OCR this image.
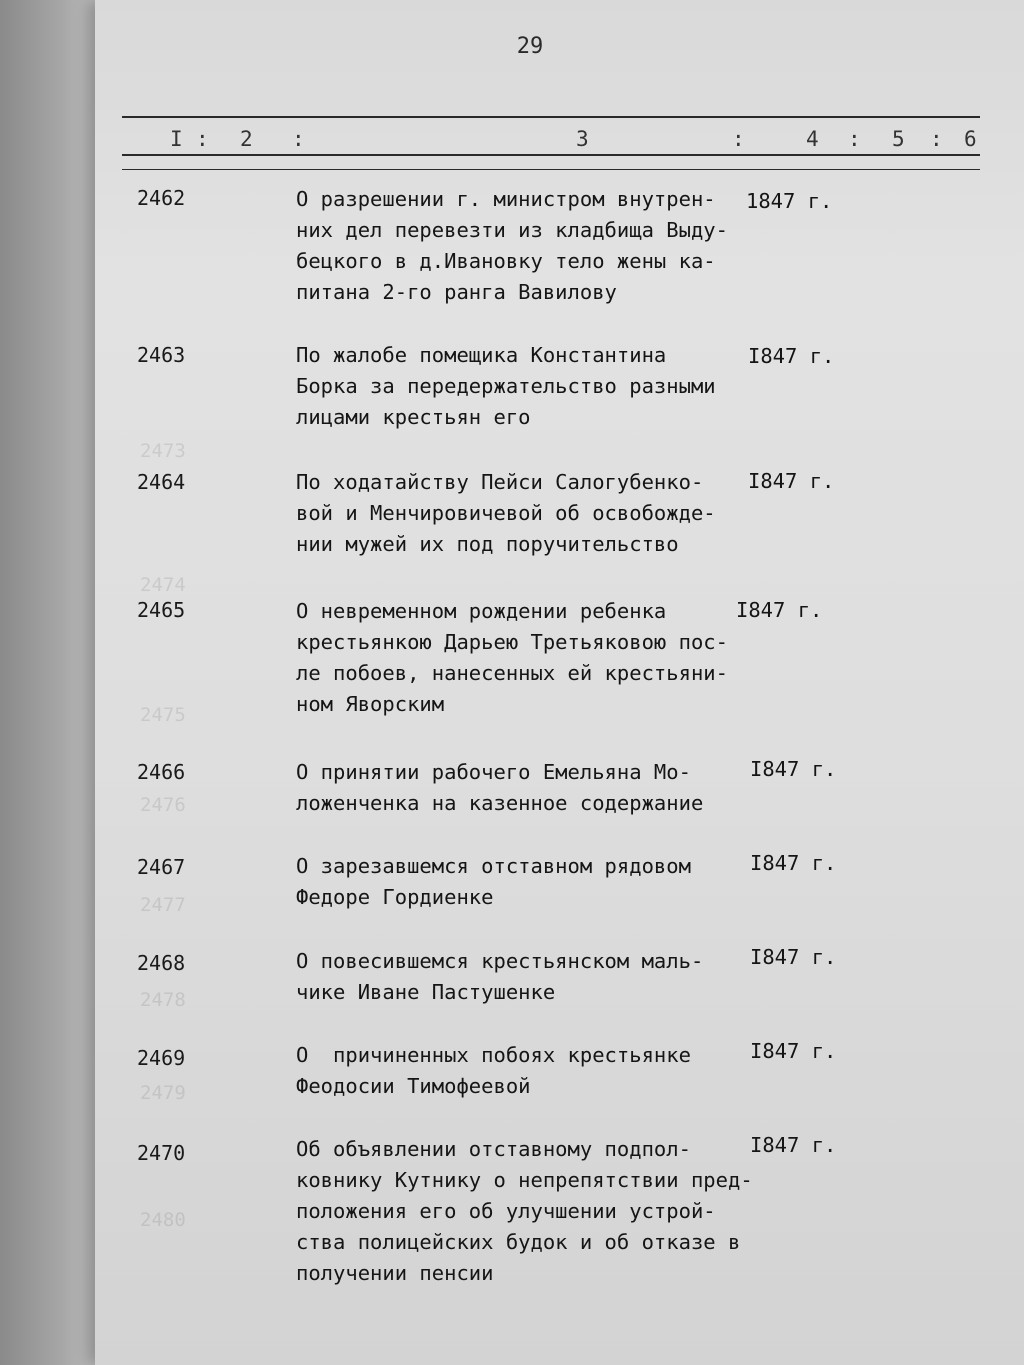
2473
2474
2475
2476
2477
2478
2479
2480
29
I : 2 :	3	:	4 : 5 : 6
2462	О разрешении г. министром внутрен-
них дел перевезти из кладбища Выду-
бецкого в д.Ивановку тело жены ка-
питана 2-го ранга Вавилову
1847 г.
2463	По жалобе помещика Константина
Борка за передержательство разными
лицами крестьян его
I847 г.
2464	По ходатайству Пейси Салогубенко-
вой и Менчировичевой об освобожде-
нии мужей их под поручительство
I847 г.
2465	О невременном рождении ребенка
крестьянкою Дарьею Третьяковою пос-
ле побоев, нанесенных ей крестьяни-
ном Яворским
I847 г.
2466	О принятии рабочего Емельяна Мо-
ложенченка на казенное содержание
I847 г.
2467	О зарезавшемся отставном рядовом
Федоре Гордиенке
I847 г.
2468	О повесившемся крестьянском маль-
чике Иване Пастушенке
I847 г.
2469	О  причиненных побоях крестьянке
Феодосии Тимофеевой
I847 г.
2470	Об объявлении отставному подпол-
ковнику Кутнику о непрепятствии пред-
положения его об улучшении устрой-
ства полицейских будок и об отказе в
получении пенсии
I847 г.
